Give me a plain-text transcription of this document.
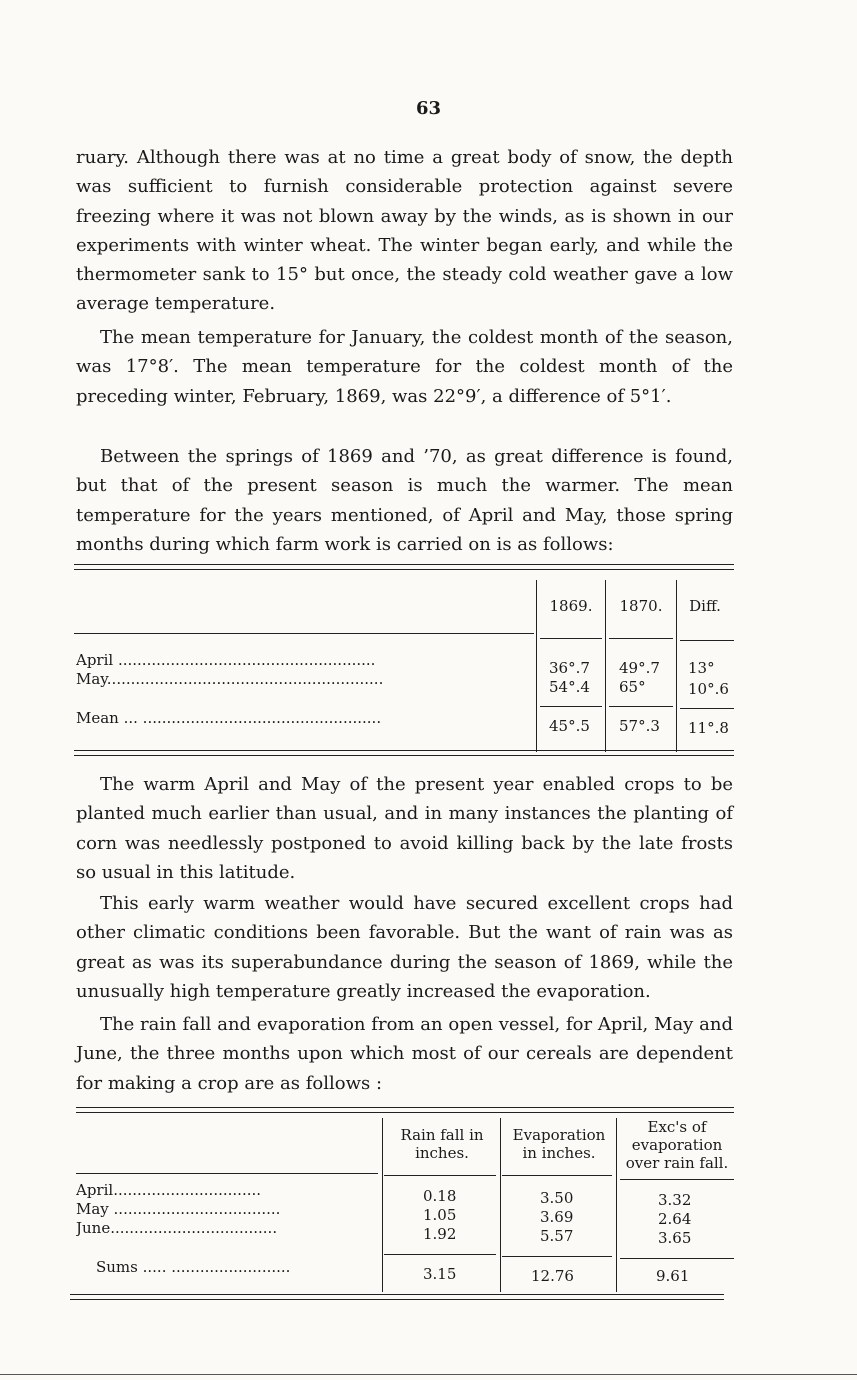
63

ruary. Although there was at no time a great body of snow, the depth was sufficient to furnish considerable protection against severe freezing where it was not blown away by the winds, as is shown in our experiments with winter wheat. The winter began early, and while the thermometer sank to 15° but once, the steady cold weather gave a low average temperature.

The mean temperature for January, the coldest month of the season, was 17°8′. The mean temperature for the coldest month of the preceding winter, February, 1869, was 22°9′, a difference of 5°1′.

Between the springs of 1869 and ’70, as great difference is found, but that of the present season is much the warmer. The mean temperature for the years mentioned, of April and May, those spring months during which farm work is carried on is as follows:

1869.	1870.	Diff.
April ......................................................	36°.7 49°.7 13°
May..........................................................	54°.4 65°	10°.6
Mean ... ..................................................	45°.5 57°.3 11°.8

The warm April and May of the present year enabled crops to be planted much earlier than usual, and in many instances the planting of corn was needlessly postponed to avoid killing back by the late frosts so usual in this latitude.

This early warm weather would have secured excellent crops had other climatic conditions been favorable. But the want of rain was as great as was its superabundance during the season of 1869, while the unusually high temperature greatly increased the evaporation.

The rain fall and evaporation from an open vessel, for April, May and June, the three months upon which most of our cereals are dependent for making a crop are as follows :

Rain fall in inches.
Evaporation in inches.
Exc's of evaporation over rain fall.
April...............................	0.18	3.50	3.32
May ...................................	1.05	3.69	2.64
June...................................	1.92	5.57	3.65
Sums ..... .........................	3.15	12.76	9.61
